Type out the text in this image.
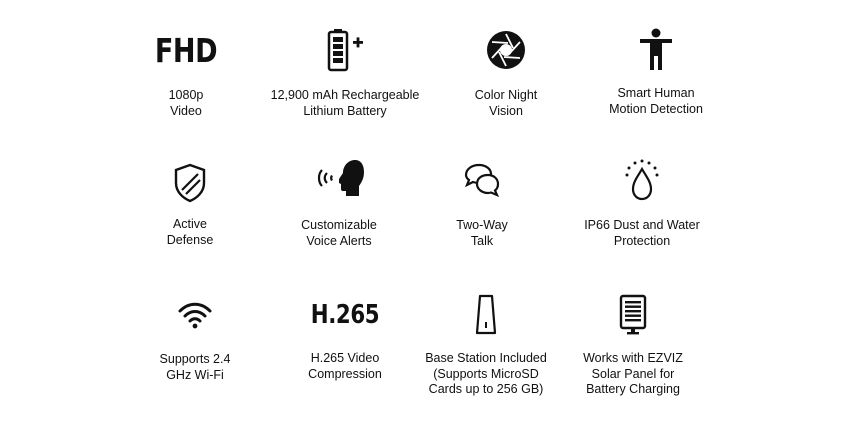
FHD
1080p
Video
12,900 mAh Rechargeable
Lithium Battery
Color Night
Vision
Smart Human
Motion Detection
Active
Defense
Customizable
Voice Alerts
Two-Way
Talk
IP66 Dust and Water
Protection
Supports 2.4
GHz Wi-Fi
H.265
H.265 Video
Compression
Base Station Included
(Supports MicroSD
Cards up to 256 GB)
Works with EZVIZ
Solar Panel for
Battery Charging
